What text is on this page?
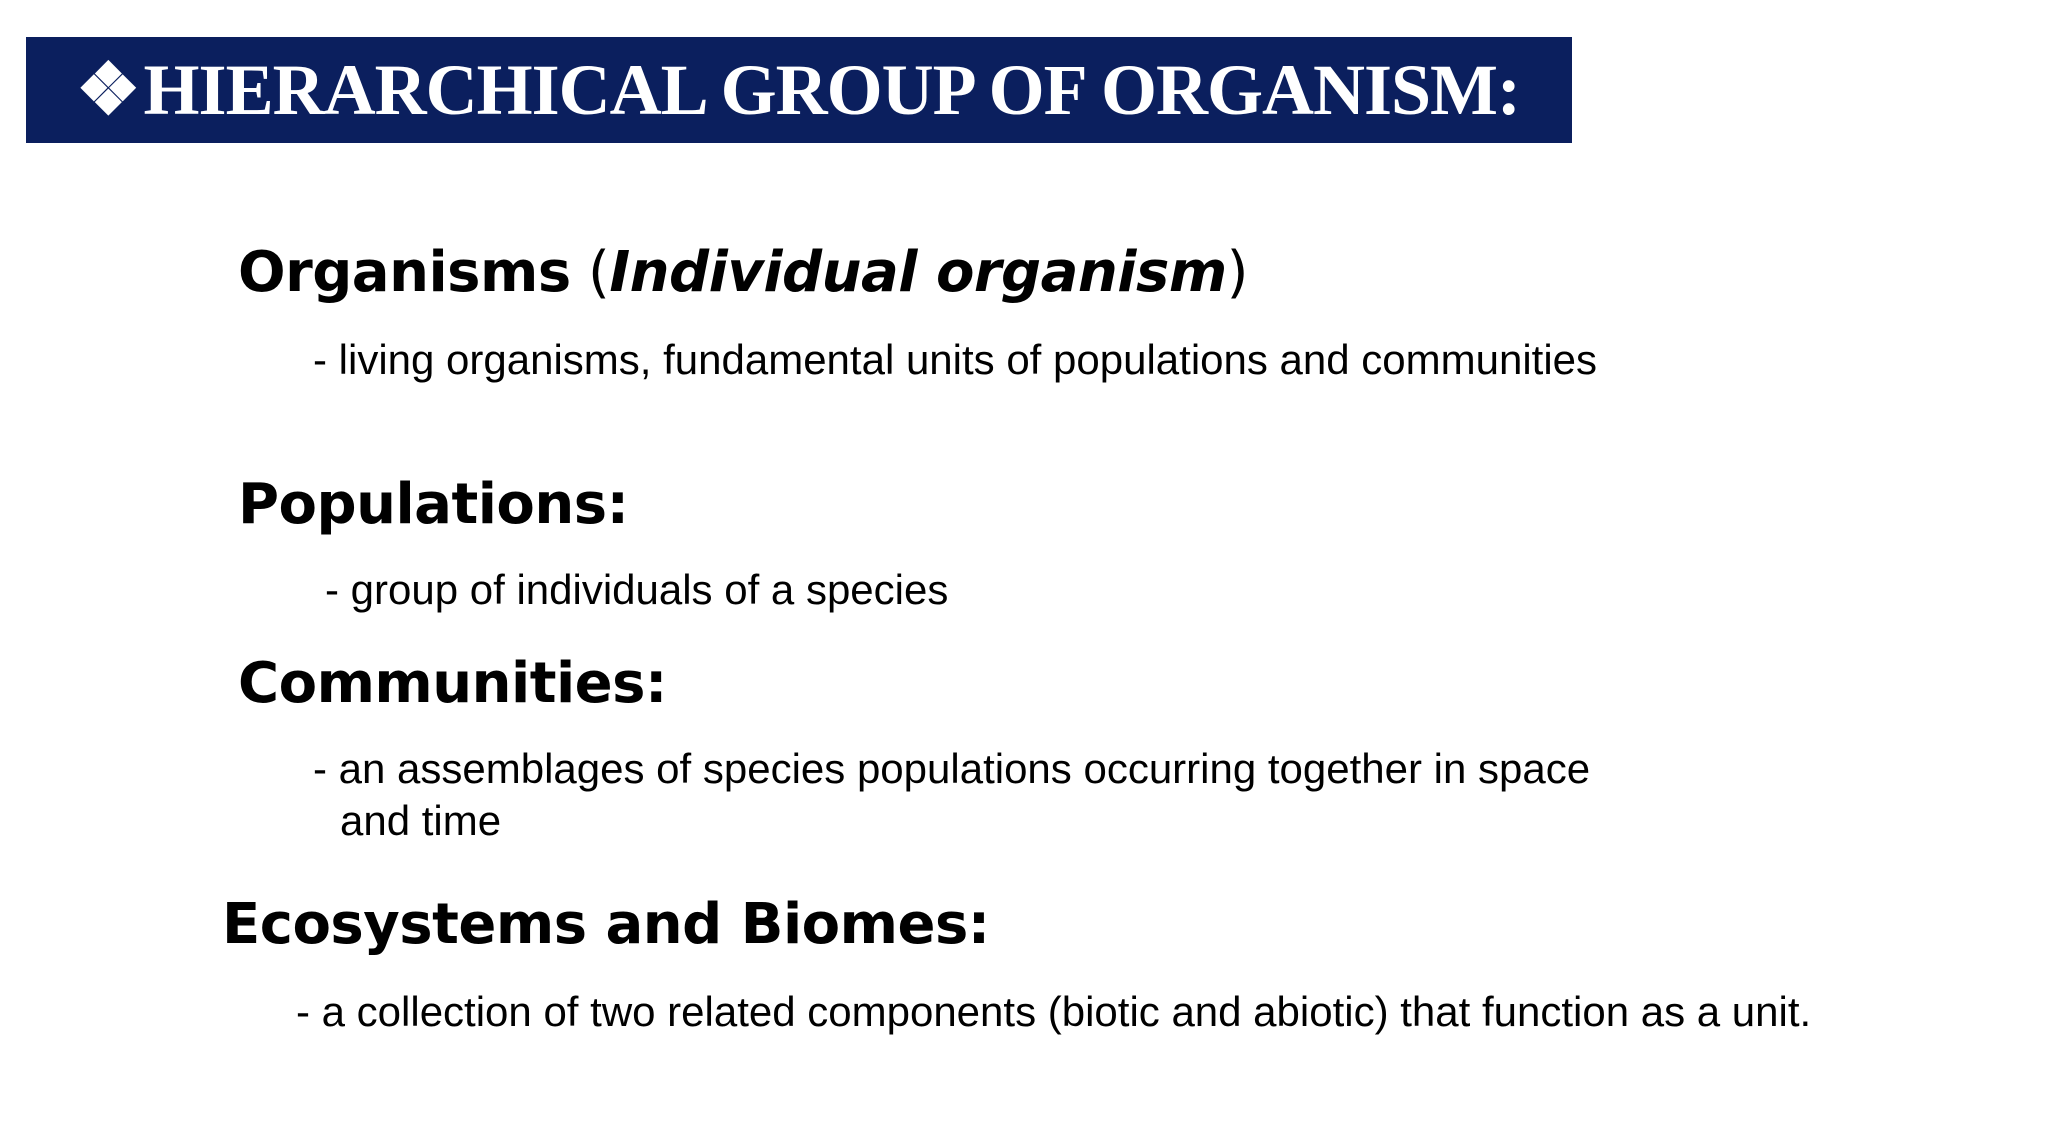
❖HIERARCHICAL GROUP OF ORGANISM:
Organisms (Individual organism)
- living organisms, fundamental units of populations and communities
Populations:
- group of individuals of a species
Communities:
- an assemblages of species populations occurring together in space
and time
Ecosystems and Biomes:
- a collection of two related components (biotic and abiotic) that function as a unit.
